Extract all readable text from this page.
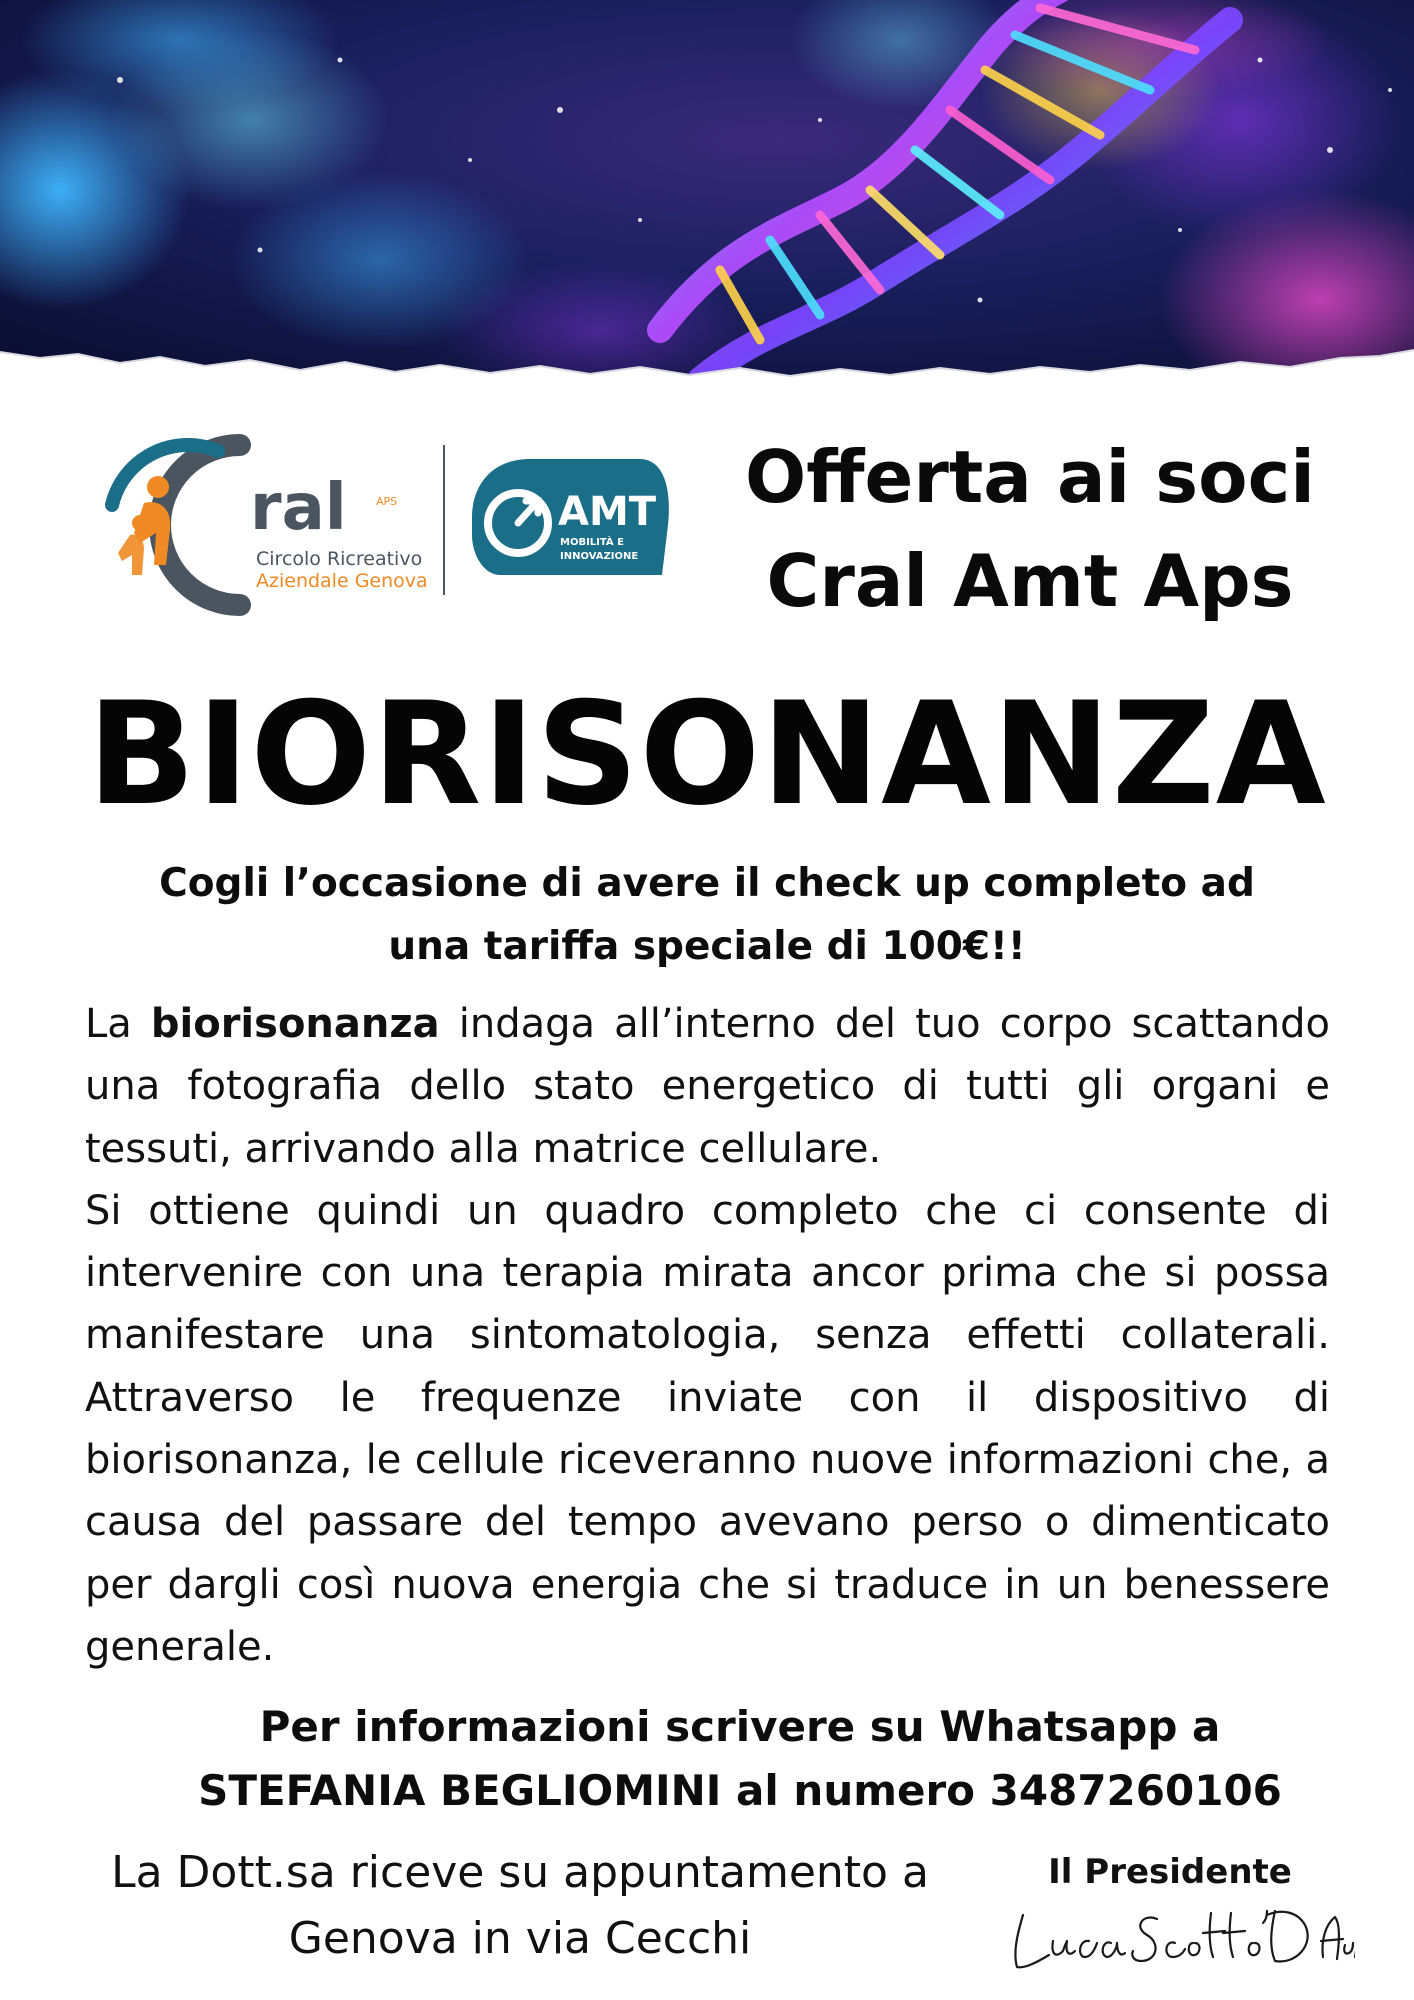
ral	APS
Circolo Ricreativo
Aziendale Genova
AMT
MOBILITÀ E
INNOVAZIONE
Offerta ai soci
Cral Amt Aps
BIORISONANZA
Cogli l’occasione di avere il check up completo ad
una tariffa speciale di 100€!!

La biorisonanza indaga all’interno del tuo corpo scattando una fotografia dello stato energetico di tutti gli organi e tessuti, arrivando alla matrice cellulare.

Si ottiene quindi un quadro completo che ci consente di intervenire con una terapia mirata ancor prima che si possa manifestare una sintomatologia, senza effetti collaterali. Attraverso le frequenze inviate con il dispositivo di biorisonanza, le cellule riceveranno nuove informazioni che, a causa del passare del tempo avevano perso o dimenticato per dargli così nuova energia che si traduce in un benessere generale.

Per informazioni scrivere su Whatsapp a
STEFANIA BEGLIOMINI al numero 3487260106
La Dott.sa riceve su appuntamento a
Genova in via Cecchi
Il Presidente
